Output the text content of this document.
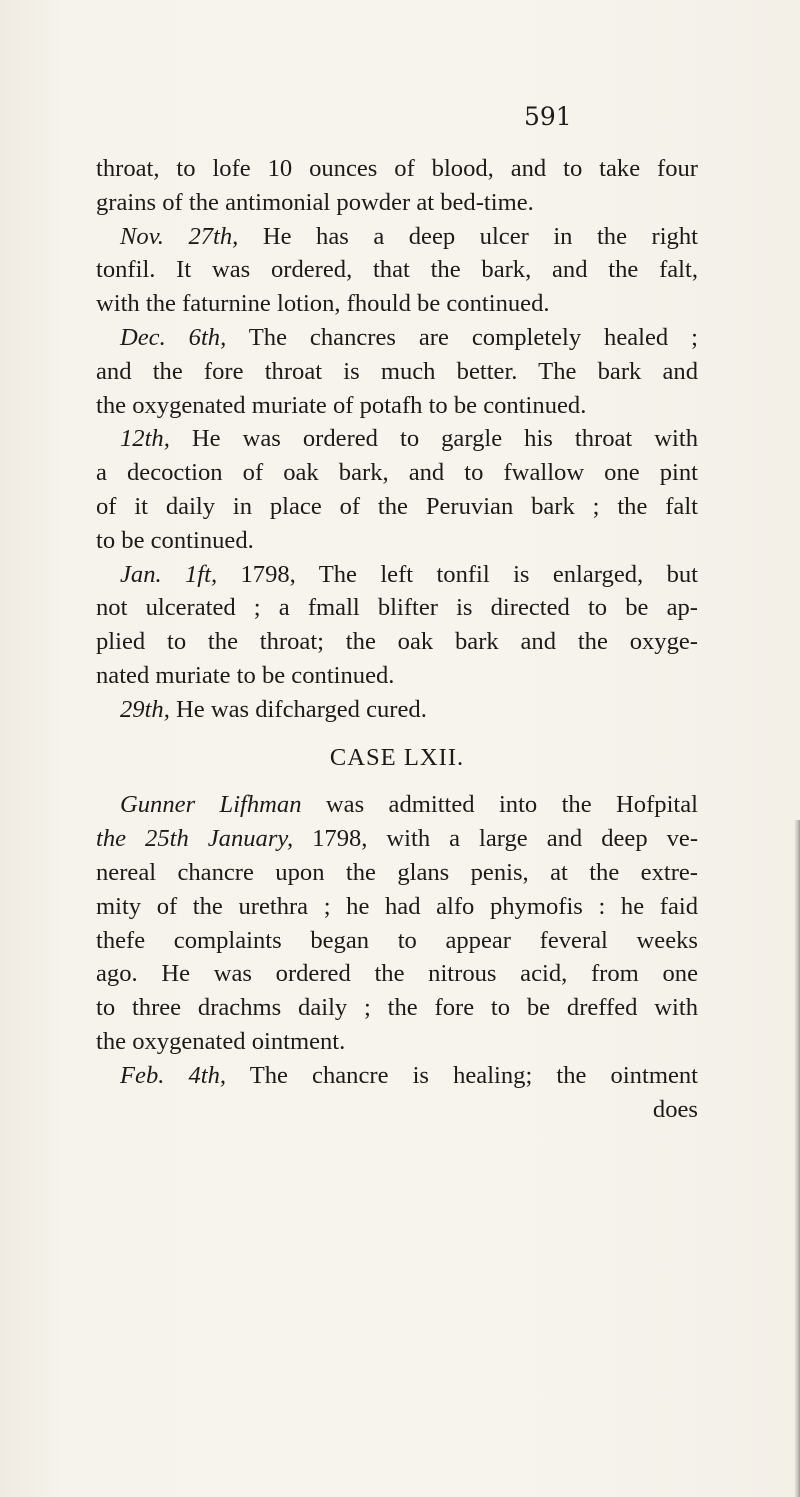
591
throat, to lofe 10 ounces of blood, and to take four
grains of the antimonial powder at bed-time.
Nov. 27th, He has a deep ulcer in the right
tonfil. It was ordered, that the bark, and the falt,
with the faturnine lotion, fhould be continued.
Dec. 6th, The chancres are completely healed ;
and the fore throat is much better. The bark and
the oxygenated muriate of potafh to be continued.
12th, He was ordered to gargle his throat with
a decoction of oak bark, and to fwallow one pint
of it daily in place of the Peruvian bark ; the falt
to be continued.
Jan. 1ft, 1798, The left tonfil is enlarged, but
not ulcerated ; a fmall blifter is directed to be ap-
plied to the throat; the oak bark and the oxyge-
nated muriate to be continued.
29th, He was difcharged cured.
CASE LXII.
Gunner Lifhman was admitted into the Hofpital
the 25th January, 1798, with a large and deep ve-
nereal chancre upon the glans penis, at the extre-
mity of the urethra ; he had alfo phymofis : he faid
thefe complaints began to appear feveral weeks
ago. He was ordered the nitrous acid, from one
to three drachms daily ; the fore to be dreffed with
the oxygenated ointment.
Feb. 4th, The chancre is healing; the ointment
does
